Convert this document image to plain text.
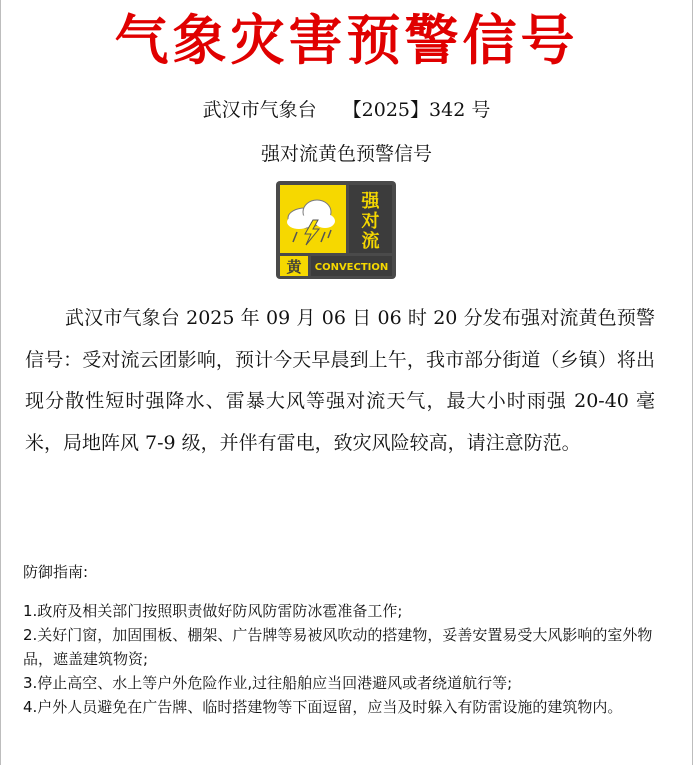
气象灾害预警信号
武汉市气象台 【2025】342 号
强对流黄色预警信号
强
对
流
黄 CONVECTION
武汉市气象台 2025 年 09 月 06 日 06 时 20 分发布强对流黄色预警信号：受对流云团影响，预计今天早晨到上午，我市部分街道（乡镇）将出现分散性短时强降水、雷暴大风等强对流天气，最大小时雨强 20-40 毫米，局地阵风 7-9 级，并伴有雷电，致灾风险较高，请注意防范。
防御指南:
1.政府及相关部门按照职责做好防风防雷防冰雹准备工作;
2.关好门窗，加固围板、棚架、广告牌等易被风吹动的搭建物，妥善安置易受大风影响的室外物品，遮盖建筑物资;
3.停止高空、水上等户外危险作业,过往船舶应当回港避风或者绕道航行等;
4.户外人员避免在广告牌、临时搭建物等下面逗留，应当及时躲入有防雷设施的建筑物内。
